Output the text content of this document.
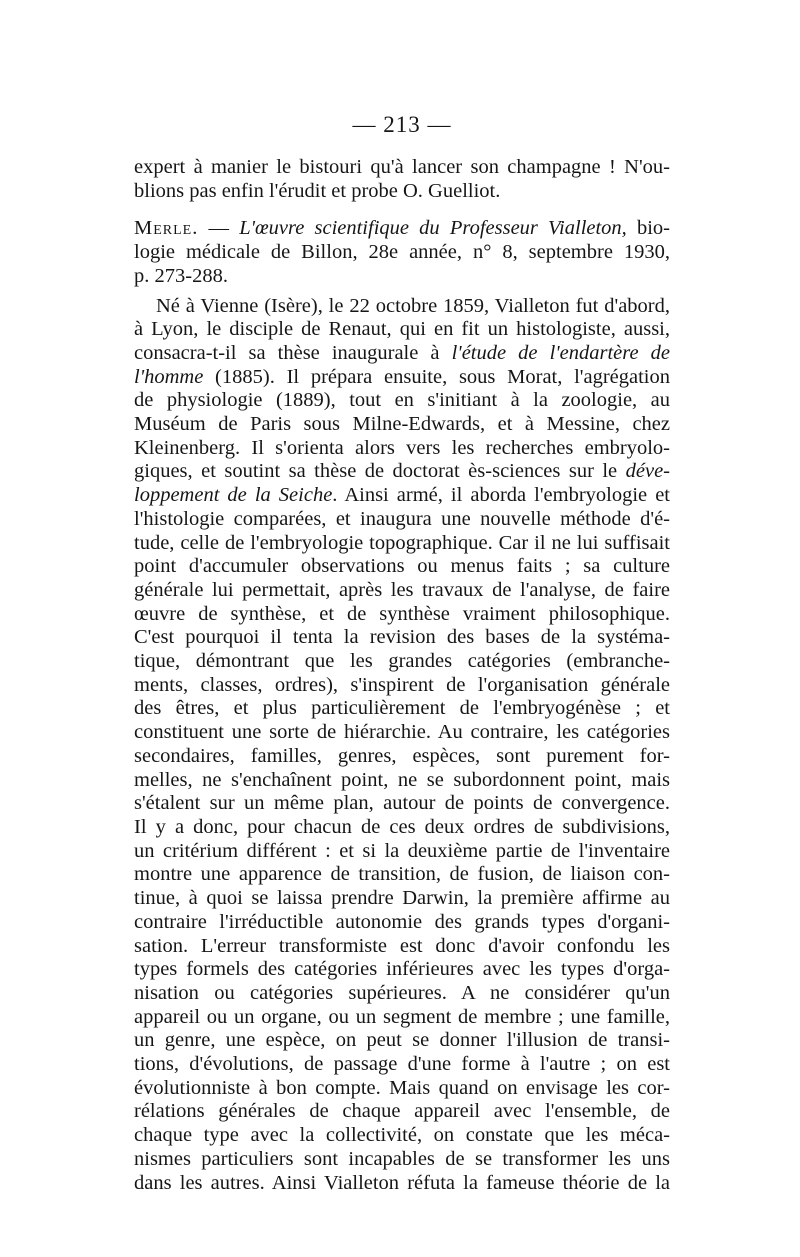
— 213 —
expert à manier le bistouri qu'à lancer son champagne ! N'ou-
blions pas enfin l'érudit et probe O. Guelliot.
Merle. — L'œuvre scientifique du Professeur Vialleton, bio-
logie médicale de Billon, 28e année, n° 8, septembre 1930,
p. 273-288.
Né à Vienne (Isère), le 22 octobre 1859, Vialleton fut d'abord,
à Lyon, le disciple de Renaut, qui en fit un histologiste, aussi,
consacra-t-il sa thèse inaugurale à l'étude de l'endartère de
l'homme (1885). Il prépara ensuite, sous Morat, l'agrégation
de physiologie (1889), tout en s'initiant à la zoologie, au
Muséum de Paris sous Milne-Edwards, et à Messine, chez
Kleinenberg. Il s'orienta alors vers les recherches embryolo-
giques, et soutint sa thèse de doctorat ès-sciences sur le déve-
loppement de la Seiche. Ainsi armé, il aborda l'embryologie et
l'histologie comparées, et inaugura une nouvelle méthode d'é-
tude, celle de l'embryologie topographique. Car il ne lui suffisait
point d'accumuler observations ou menus faits ; sa culture
générale lui permettait, après les travaux de l'analyse, de faire
œuvre de synthèse, et de synthèse vraiment philosophique.
C'est pourquoi il tenta la revision des bases de la systéma-
tique, démontrant que les grandes catégories (embranche-
ments, classes, ordres), s'inspirent de l'organisation générale
des êtres, et plus particulièrement de l'embryogénèse ; et
constituent une sorte de hiérarchie. Au contraire, les catégories
secondaires, familles, genres, espèces, sont purement for-
melles, ne s'enchaînent point, ne se subordonnent point, mais
s'étalent sur un même plan, autour de points de convergence.
Il y a donc, pour chacun de ces deux ordres de subdivisions,
un critérium différent : et si la deuxième partie de l'inventaire
montre une apparence de transition, de fusion, de liaison con-
tinue, à quoi se laissa prendre Darwin, la première affirme au
contraire l'irréductible autonomie des grands types d'organi-
sation. L'erreur transformiste est donc d'avoir confondu les
types formels des catégories inférieures avec les types d'orga-
nisation ou catégories supérieures. A ne considérer qu'un
appareil ou un organe, ou un segment de membre ; une famille,
un genre, une espèce, on peut se donner l'illusion de transi-
tions, d'évolutions, de passage d'une forme à l'autre ; on est
évolutionniste à bon compte. Mais quand on envisage les cor-
rélations générales de chaque appareil avec l'ensemble, de
chaque type avec la collectivité, on constate que les méca-
nismes particuliers sont incapables de se transformer les uns
dans les autres. Ainsi Vialleton réfuta la fameuse théorie de la
